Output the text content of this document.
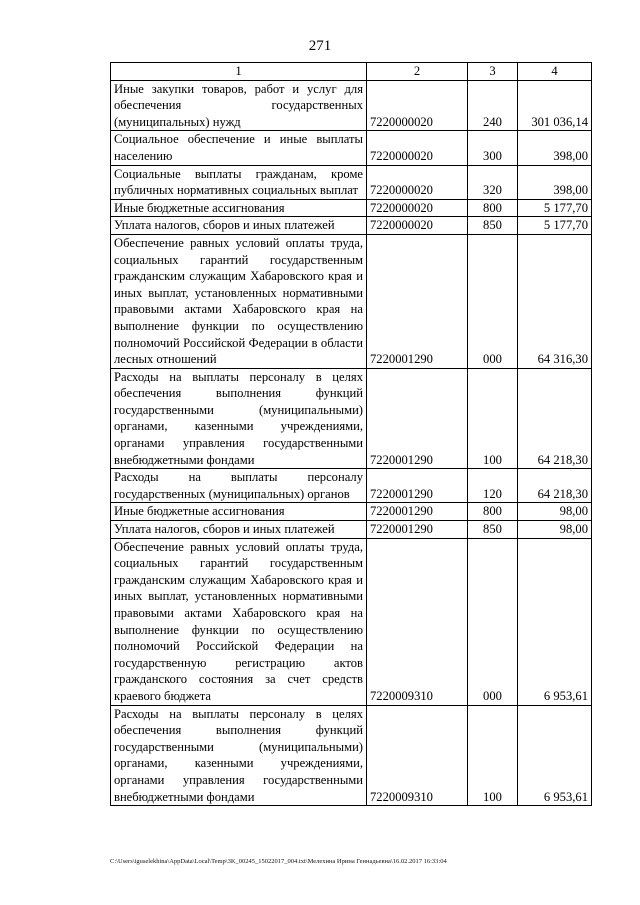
271
1	2	3	4
Иные закупки товаров, работ и услуг для обеспечения государственных (муниципальных) нужд	7220000020	240	301 036,14
Социальное обеспечение и иные выплаты населению	7220000020	300	398,00
Социальные выплаты гражданам, кроме публичных нормативных социальных выплат	7220000020	320	398,00
Иные бюджетные ассигнования	7220000020	800	5 177,70
Уплата налогов, сборов и иных платежей	7220000020	850	5 177,70
Обеспечение равных условий оплаты труда, социальных гарантий государственным гражданским служащим Хабаровского края и иных выплат, установленных нормативными правовыми актами Хабаровского края на выполнение функции по осуществлению полномочий Российской Федерации в области лесных отношений	7220001290	000	64 316,30
Расходы на выплаты персоналу в целях обеспечения выполнения функций государственными (муниципальными) органами, казенными учреждениями, органами управления государственными внебюджетными фондами	7220001290	100	64 218,30
Расходы на выплаты персоналу государственных (муниципальных) органов	7220001290	120	64 218,30
Иные бюджетные ассигнования	7220001290	800	98,00
Уплата налогов, сборов и иных платежей	7220001290	850	98,00
Обеспечение равных условий оплаты труда, социальных гарантий государственным гражданским служащим Хабаровского края и иных выплат, установленных нормативными правовыми актами Хабаровского края на выполнение функции по осуществлению полномочий Российской Федерации на государственную регистрацию актов гражданского состояния за счет средств краевого бюджета	7220009310	000	6 953,61
Расходы на выплаты персоналу в целях обеспечения выполнения функций государственными (муниципальными) органами, казенными учреждениями, органами управления государственными внебюджетными фондами	7220009310	100	6 953,61
C:\Users\iguselekhina\AppData\Local\Temp\3K_00245_15022017_004.txt\Мелехина Ирина Геннадьевна\16.02.2017 16:33:04
